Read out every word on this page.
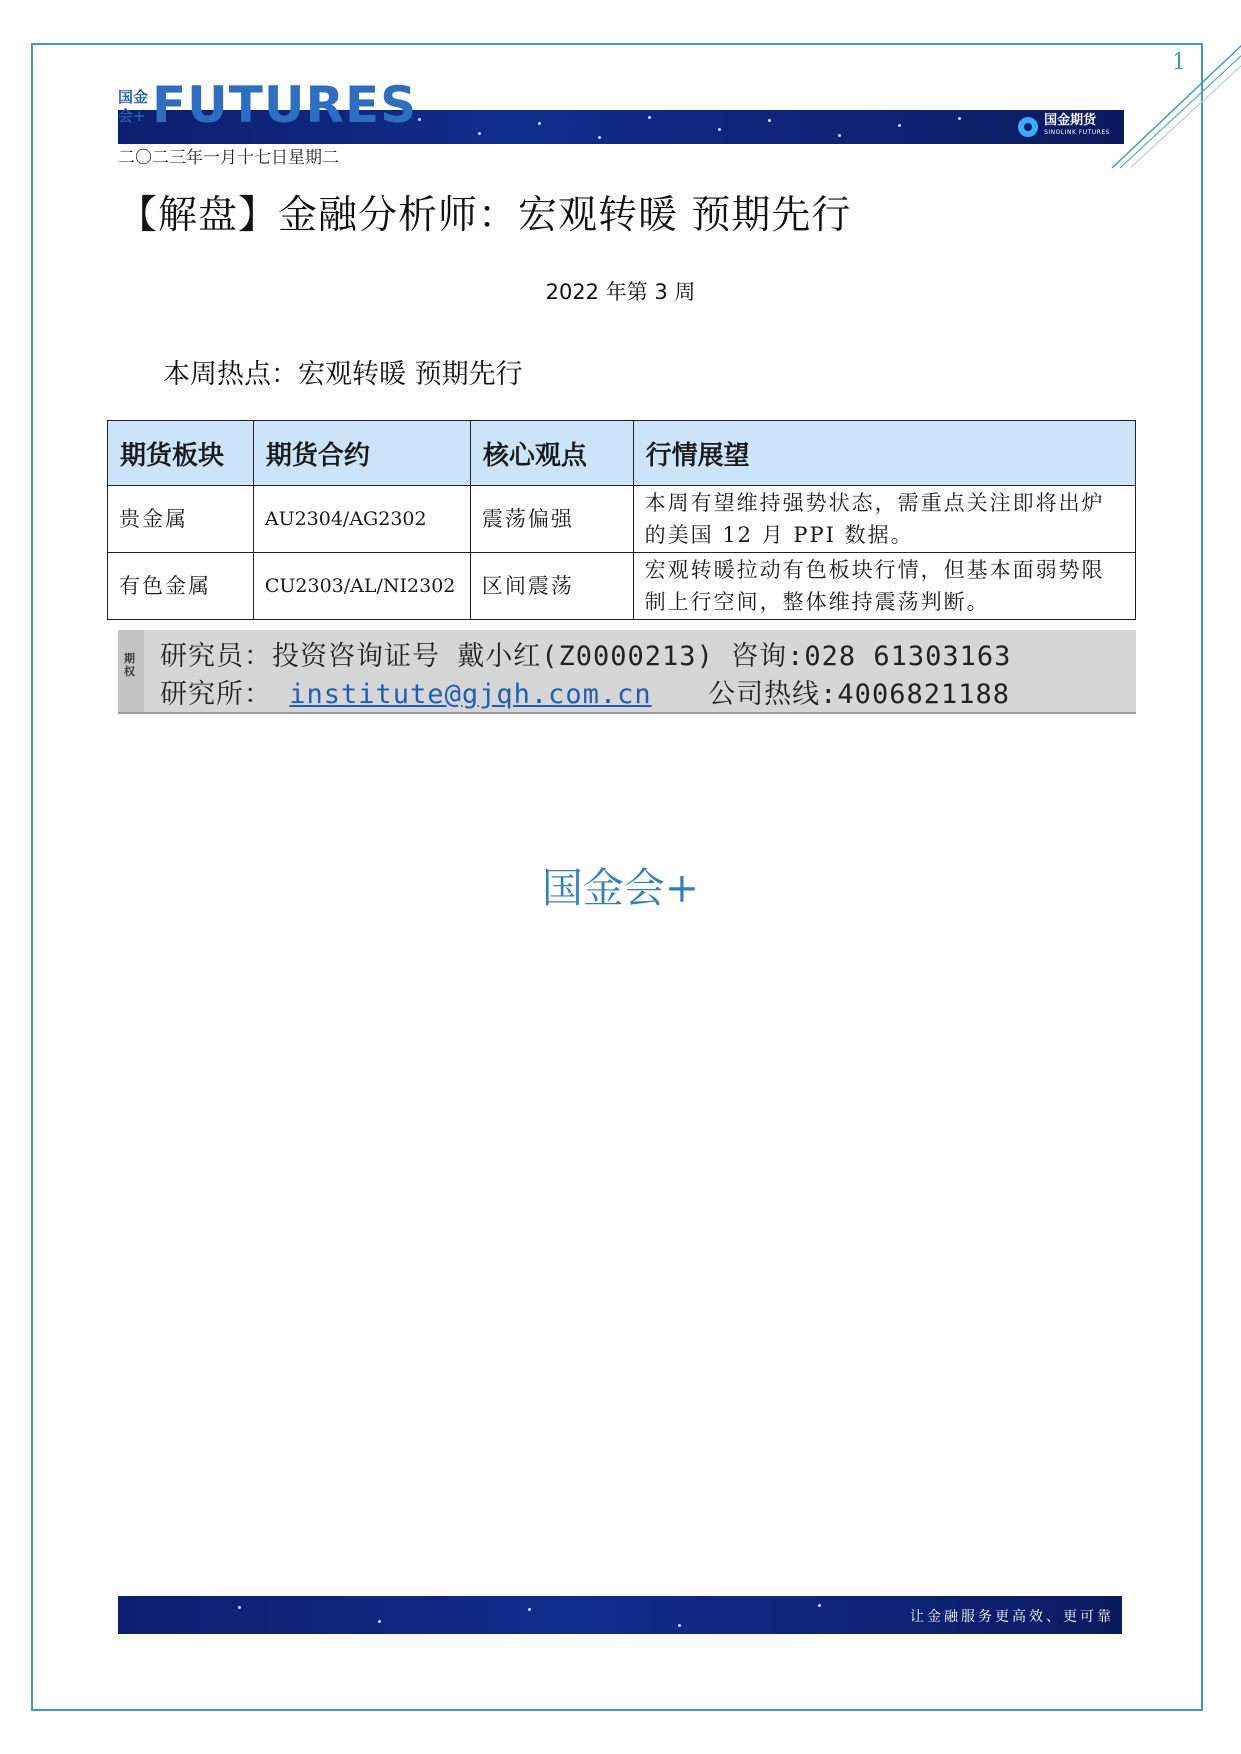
1
国金期货
SINOLINK FUTURES
国金会+ FUTURES
二〇二三年一月十七日星期二
【解盘】金融分析师：宏观转暖 预期先行
2022 年第 3 周
本周热点：宏观转暖 预期先行
期货板块	期货合约	核心观点	行情展望
贵金属	AU2304/AG2302	震荡偏强	本周有望维持强势状态，需重点关注即将出炉的美国 12 月 PPI 数据。
有色金属	CU2303/AL/NI2302	区间震荡	宏观转暖拉动有色板块行情，但基本面弱势限制上行空间，整体维持震荡判断。
期权 研究员：投资咨询证号 戴小红(Z0000213) 咨询:028 61303163
研究所： institute@gjqh.com.cn 公司热线:4006821188
国金会+
让金融服务更高效、更可靠
